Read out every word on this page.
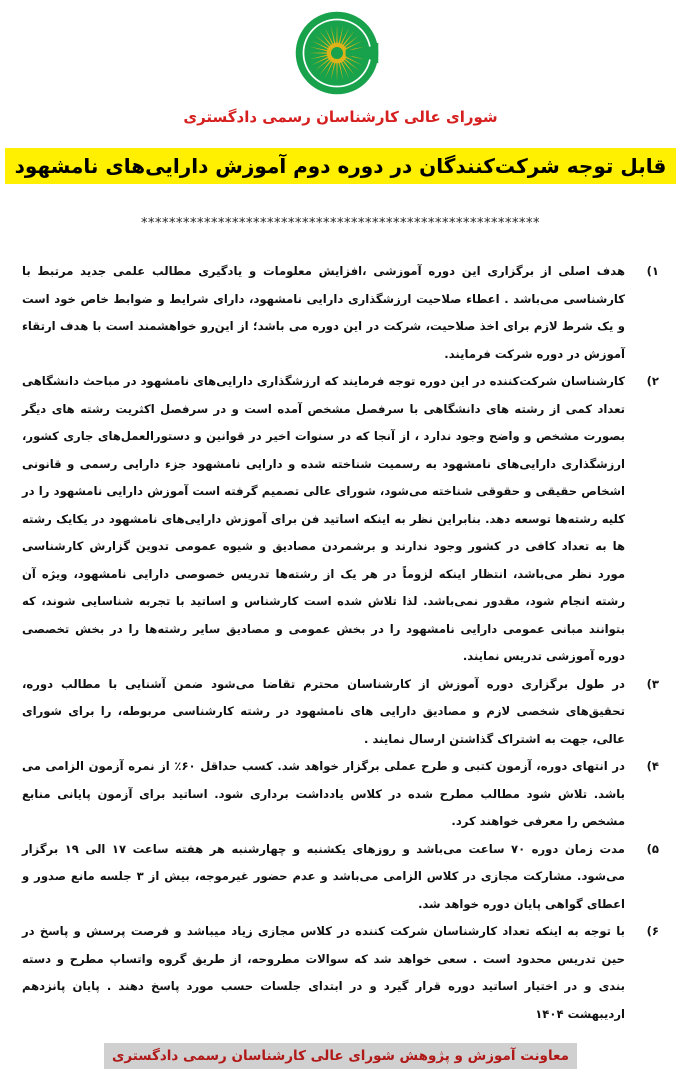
شورای عالی کارشناسان رسمی دادگستری
قابل توجه شرکت‌کنندگان در دوره دوم آموزش دارایی‌های نامشهود
*********************************************************
۱)
هدف اصلی از برگزاری این دوره آموزشی ،افزایش معلومات و یادگیری مطالب علمی جدید مرتبط با کارشناسی می‌باشد . اعطاء صلاحیت ارزشگذاری دارایی نامشهود، دارای شرایط و ضوابط خاص خود است و یک شرط لازم برای اخذ صلاحیت، شرکت در این دوره می باشد؛ از این‌رو خواهشمند است با هدف ارتقاء آموزش در دوره شرکت فرمایند.
۲)
کارشناسان شرکت‌کننده در این دوره توجه فرمایند که ارزشگذاری دارایی‌های نامشهود در مباحث دانشگاهی تعداد کمی از رشته های دانشگاهی با سرفصل مشخص آمده است و در سرفصل اکثریت رشته های دیگر بصورت مشخص و واضح وجود ندارد ، از آنجا که در سنوات اخیر در قوانین و دستورالعمل‌های جاری کشور، ارزشگذاری دارایی‌های نامشهود به رسمیت شناخته شده و دارایی نامشهود جزء دارایی رسمی و قانونی اشخاص حقیقی و حقوقی شناخته می‌شود، شورای عالی تصمیم گرفته است آموزش دارایی نامشهود را در کلیه رشته‌ها توسعه دهد. بنابراین نظر به اینکه اساتید فن برای آموزش دارایی‌های نامشهود در یکایک رشته ها به تعداد کافی در کشور وجود ندارند و برشمردن مصادیق و شیوه عمومی تدوین گزارش کارشناسی مورد نظر می‌باشد، انتظار اینکه لزوماً در هر یک از رشته‌ها تدریس خصوصی دارایی نامشهود، ویژه آن رشته انجام شود، مقدور نمی‌باشد. لذا تلاش شده است کارشناس و اساتید با تجربه شناسایی شوند، که بتوانند مبانی عمومی دارایی نامشهود را در بخش عمومی و مصادیق سایر رشته‌ها را در بخش تخصصی دوره آموزشی تدریس نمایند.
۳)
در طول برگزاری دوره آموزش از کارشناسان محترم تقاضا می‌شود ضمن آشنایی با مطالب دوره، تحقیق‌های شخصی لازم و مصادیق دارایی های نامشهود در رشته کارشناسی مربوطه، را برای شورای عالی، جهت به اشتراک گذاشتن ارسال نمایند .
۴)
در انتهای دوره، آزمون کتبی و طرح عملی برگزار خواهد شد. کسب حداقل ۶۰٪ از نمره آزمون الزامی می باشد. تلاش شود مطالب مطرح شده در کلاس یادداشت برداری شود. اساتید برای آزمون پایانی منابع مشخص را معرفی خواهند کرد.
۵)
مدت زمان دوره ۷۰ ساعت می‌باشد و روزهای یکشنبه و چهارشنبه هر هفته ساعت ۱۷ الی ۱۹ برگزار می‌شود. مشارکت مجازی در کلاس الزامی می‌باشد و عدم حضور غیرموجه، بیش از ۳ جلسه مانع صدور و اعطای گواهی پایان دوره خواهد شد.
۶)
با توجه به اینکه تعداد کارشناسان شرکت کننده در کلاس مجازی زیاد میباشد و فرصت پرسش و پاسخ در حین تدریس محدود است . سعی خواهد شد که سوالات مطروحه، از طریق گروه واتساپ مطرح و دسته بندی و در اختیار اساتید دوره قرار گیرد و در ابتدای جلسات حسب مورد پاسخ دهند . پایان پانزدهم اردیبهشت ۱۴۰۴
معاونت آموزش و پژوهش شورای عالی کارشناسان رسمی دادگستری
